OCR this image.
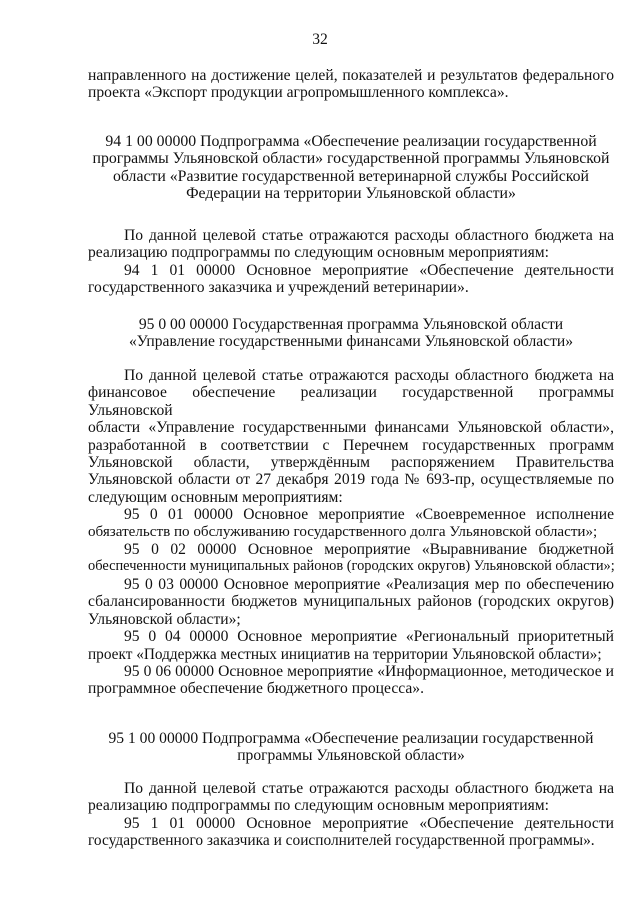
32
направленного на достижение целей, показателей и результатов федерального
проекта «Экспорт продукции агропромышленного комплекса».
94 1 00 00000 Подпрограмма «Обеспечение реализации государственной
программы Ульяновской области» государственной программы Ульяновской
области «Развитие государственной ветеринарной службы Российской
Федерации на территории Ульяновской области»
По данной целевой статье отражаются расходы областного бюджета на
реализацию подпрограммы по следующим основным мероприятиям:
94 1 01 00000 Основное мероприятие «Обеспечение деятельности
государственного заказчика и учреждений ветеринарии».
95 0 00 00000 Государственная программа Ульяновской области
«Управление государственными финансами Ульяновской области»
По данной целевой статье отражаются расходы областного бюджета на
финансовое обеспечение реализации государственной программы Ульяновской
области «Управление государственными финансами Ульяновской области»,
разработанной в соответствии с Перечнем государственных программ
Ульяновской области, утверждённым распоряжением Правительства
Ульяновской области от 27 декабря 2019 года № 693-пр, осуществляемые по
следующим основным мероприятиям:
95 0 01 00000 Основное мероприятие «Своевременное исполнение
обязательств по обслуживанию государственного долга Ульяновской области»;
95 0 02 00000 Основное мероприятие «Выравнивание бюджетной
обеспеченности муниципальных районов (городских округов) Ульяновской области»;
95 0 03 00000 Основное мероприятие «Реализация мер по обеспечению
сбалансированности бюджетов муниципальных районов (городских округов)
Ульяновской области»;
95 0 04 00000 Основное мероприятие «Региональный приоритетный
проект «Поддержка местных инициатив на территории Ульяновской области»;
95 0 06 00000 Основное мероприятие «Информационное, методическое и
программное обеспечение бюджетного процесса».
95 1 00 00000 Подпрограмма «Обеспечение реализации государственной
программы Ульяновской области»
По данной целевой статье отражаются расходы областного бюджета на
реализацию подпрограммы по следующим основным мероприятиям:
95 1 01 00000 Основное мероприятие «Обеспечение деятельности
государственного заказчика и соисполнителей государственной программы».
